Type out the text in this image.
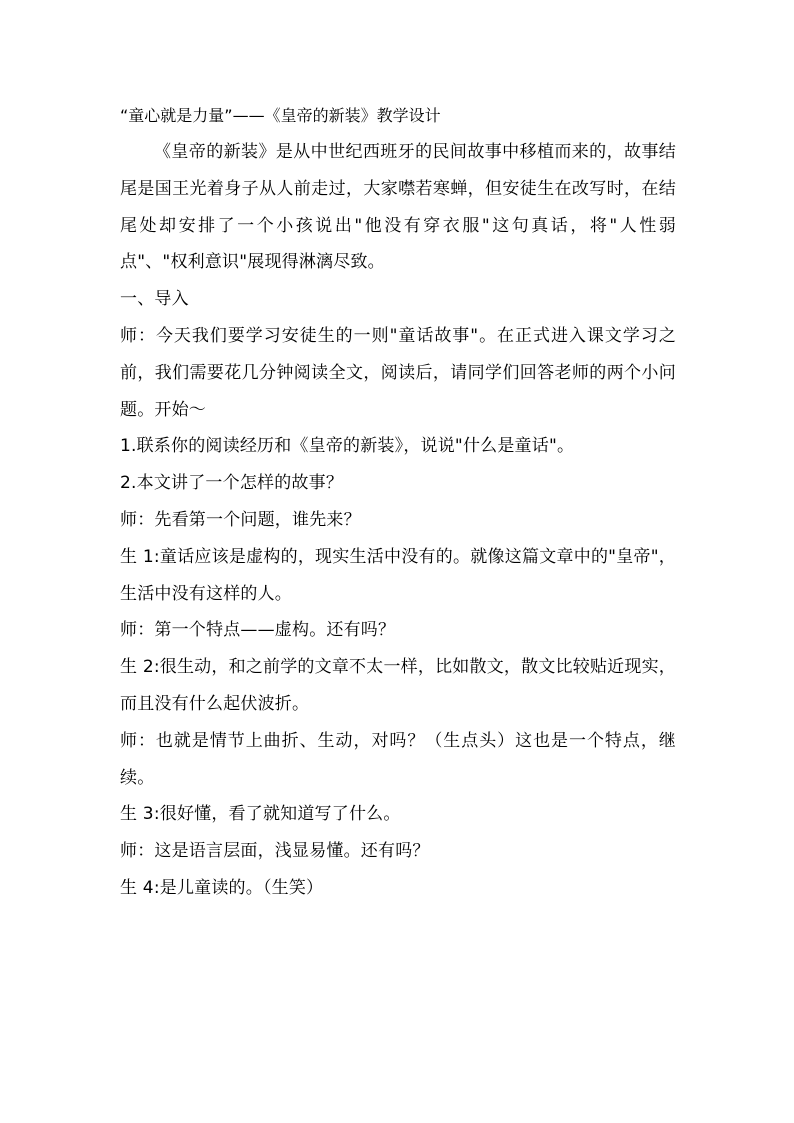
“童心就是力量”——《皇帝的新装》教学设计

《皇帝的新装》是从中世纪西班牙的民间故事中移植而来的，故事结尾是国王光着身子从人前走过，大家噤若寒蝉，但安徒生在改写时，在结尾处却安排了一个小孩说出"他没有穿衣服"这句真话，将"人性弱点"、"权利意识"展现得淋漓尽致。

一、导入

师：今天我们要学习安徒生的一则"童话故事"。在正式进入课文学习之前，我们需要花几分钟阅读全文，阅读后，请同学们回答老师的两个小问题。开始～

1.联系你的阅读经历和《皇帝的新装》，说说"什么是童话"。

2.本文讲了一个怎样的故事？

师：先看第一个问题，谁先来？

生 1:童话应该是虚构的，现实生活中没有的。就像这篇文章中的"皇帝"，生活中没有这样的人。

师：第一个特点——虚构。还有吗？

生 2:很生动，和之前学的文章不太一样，比如散文，散文比较贴近现实，而且没有什么起伏波折。

师：也就是情节上曲折、生动，对吗？（生点头）这也是一个特点，继续。

生 3:很好懂，看了就知道写了什么。

师：这是语言层面，浅显易懂。还有吗？

生 4:是儿童读的。（生笑）
